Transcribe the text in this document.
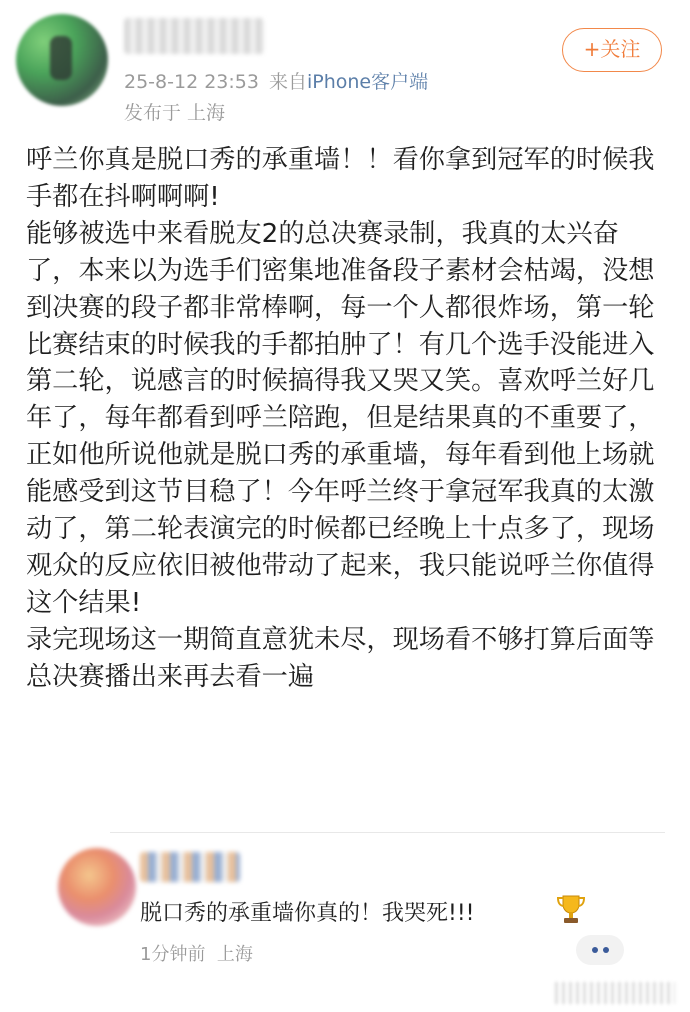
25-8-12 23:53 来自iPhone客户端
发布于 上海
+关注
呼兰你真是脱口秀的承重墙！！看你拿到冠军的时候我手都在抖啊啊啊!
能够被选中来看脱友2的总决赛录制，我真的太兴奋了，本来以为选手们密集地准备段子素材会枯竭，没想到决赛的段子都非常棒啊，每一个人都很炸场，第一轮比赛结束的时候我的手都拍肿了！有几个选手没能进入第二轮，说感言的时候搞得我又哭又笑。喜欢呼兰好几年了，每年都看到呼兰陪跑，但是结果真的不重要了，正如他所说他就是脱口秀的承重墙，每年看到他上场就能感受到这节目稳了！今年呼兰终于拿冠军我真的太激动了，第二轮表演完的时候都已经晚上十点多了，现场观众的反应依旧被他带动了起来，我只能说呼兰你值得这个结果!
录完现场这一期简直意犹未尽，现场看不够打算后面等总决赛播出来再去看一遍
脱口秀的承重墙你真的！我哭死!!!
1分钟前 上海
